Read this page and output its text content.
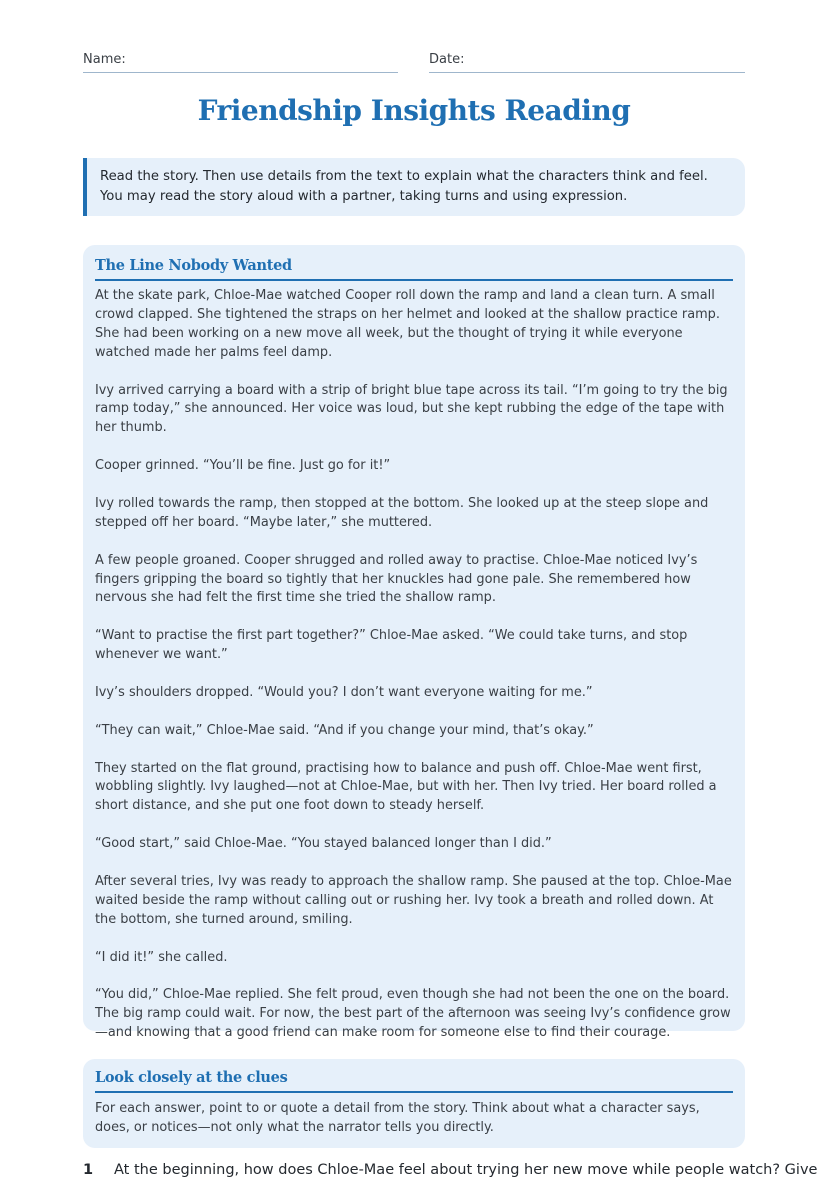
Name:	Date:
Friendship Insights Reading
Read the story. Then use details from the text to explain what the characters think and feel. You may read the story aloud with a partner, taking turns and using expression.
The Line Nobody Wanted

At the skate park, Chloe-Mae watched Cooper roll down the ramp and land a clean turn. A small crowd clapped. She tightened the straps on her helmet and looked at the shallow practice ramp. She had been working on a new move all week, but the thought of trying it while everyone watched made her palms feel damp.

Ivy arrived carrying a board with a strip of bright blue tape across its tail. “I’m going to try the big ramp today,” she announced. Her voice was loud, but she kept rubbing the edge of the tape with her thumb.

Cooper grinned. “You’ll be fine. Just go for it!”

Ivy rolled towards the ramp, then stopped at the bottom. She looked up at the steep slope and stepped off her board. “Maybe later,” she muttered.

A few people groaned. Cooper shrugged and rolled away to practise. Chloe-Mae noticed Ivy’s fingers gripping the board so tightly that her knuckles had gone pale. She remembered how nervous she had felt the first time she tried the shallow ramp.

“Want to practise the first part together?” Chloe-Mae asked. “We could take turns, and stop whenever we want.”

Ivy’s shoulders dropped. “Would you? I don’t want everyone waiting for me.”

“They can wait,” Chloe-Mae said. “And if you change your mind, that’s okay.”

They started on the flat ground, practising how to balance and push off. Chloe-Mae went first, wobbling slightly. Ivy laughed—not at Chloe-Mae, but with her. Then Ivy tried. Her board rolled a short distance, and she put one foot down to steady herself.

“Good start,” said Chloe-Mae. “You stayed balanced longer than I did.”

After several tries, Ivy was ready to approach the shallow ramp. She paused at the top. Chloe-Mae waited beside the ramp without calling out or rushing her. Ivy took a breath and rolled down. At the bottom, she turned around, smiling.

“I did it!” she called.

“You did,” Chloe-Mae replied. She felt proud, even though she had not been the one on the board. The big ramp could wait. For now, the best part of the afternoon was seeing Ivy’s confidence grow—and knowing that a good friend can make room for someone else to find their courage.

Look closely at the clues
For each answer, point to or quote a detail from the story. Think about what a character says, does, or notices—not only what the narrator tells you directly.
1 At the beginning, how does Chloe-Mae feel about trying her new move while people watch? Give
